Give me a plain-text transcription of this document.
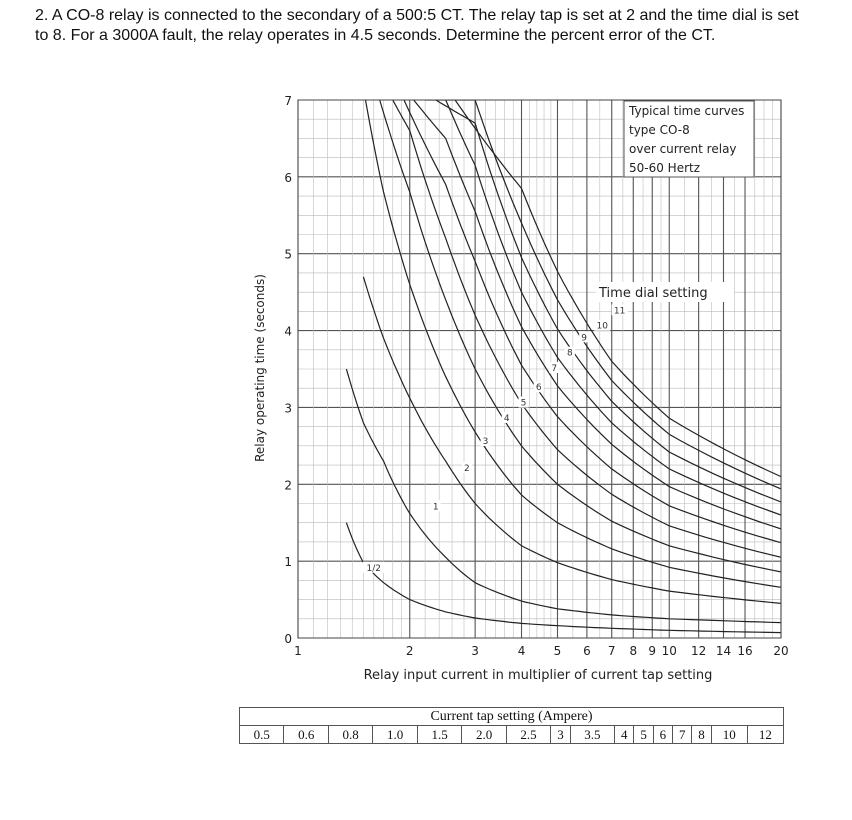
2. A CO-8 relay is connected to the secondary of a 500:5 CT. The relay tap is set at 2 and the time dial is set to 8. For a 3000A fault, the relay operates in 4.5 seconds. Determine the percent error of the CT.
0
1
2
3
4
5
6
7
1	2	3	4 5 6 7 8 9 10 12 14 16 20
1/2
1
2
3
4
5
6
7
8
9
10
11
Typical time curves
type CO-8
over current relay
50-60 Hertz
Time dial setting
Relay input current in multiplier of current tap setting
Relay operating time (seconds)
Current tap setting (Ampere)
0.5	0.6	0.8	1.0	1.5	2.0	2.5	3	3.5	4	5	6	7	8	10	12
